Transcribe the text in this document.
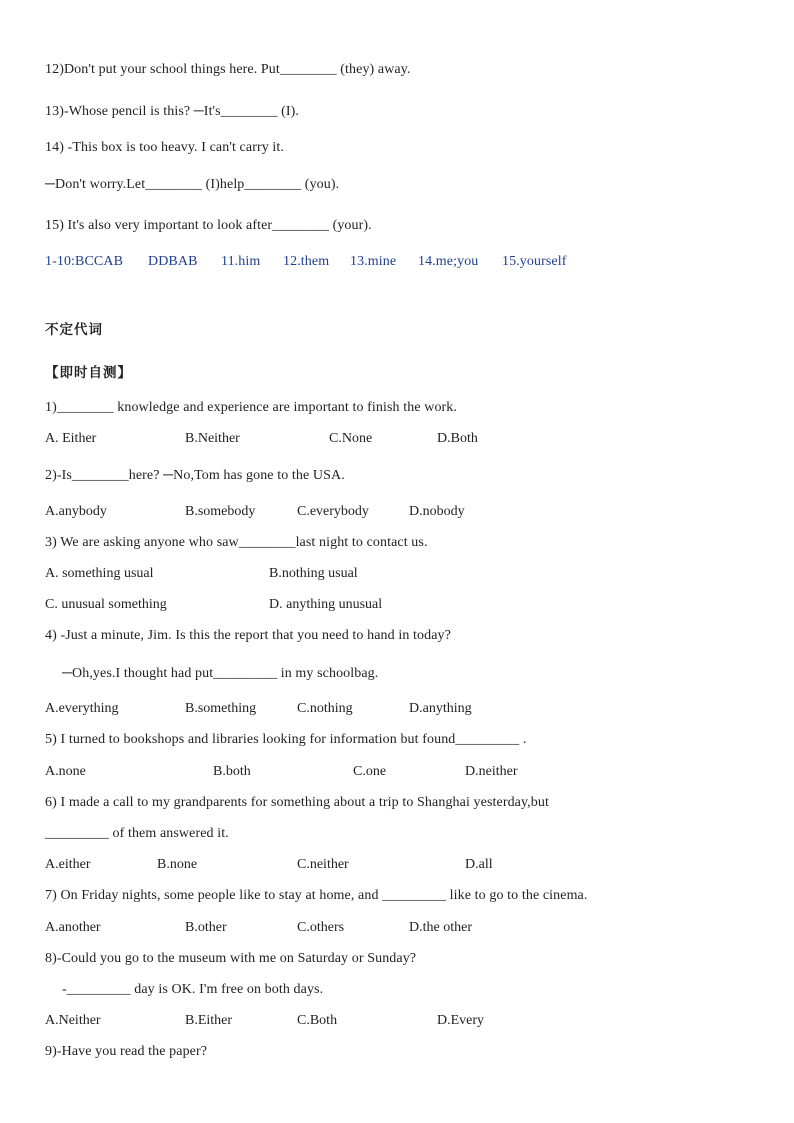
12)Don't put your school things here. Put________ (they) away.
13)-Whose pencil is this? ─It's________ (I).
14) -This box is too heavy. I can't carry it.
─Don't worry.Let________ (I)help________ (you).
15) It's also very important to look after________ (your).
1-10:BCCAB DDBAB 11.him 12.them 13.mine 14.me;you 15.yourself
不定代词
【即时自测】
1)________ knowledge and experience are important to finish the work.
A. Either	B.Neither	C.None	D.Both
2)-Is________here? ─No,Tom has gone to the USA.
A.anybody	B.somebody	C.everybody	D.nobody
3) We are asking anyone who saw________last night to contact us.
A. something usual	B.nothing usual
C. unusual something	D. anything unusual
4) -Just a minute, Jim. Is this the report that you need to hand in today?
─Oh,yes.I thought had put_________ in my schoolbag.
A.everything	B.something	C.nothing	D.anything
5) I turned to bookshops and libraries looking for information but found_________ .
A.none	B.both	C.one	D.neither
6) I made a call to my grandparents for something about a trip to Shanghai yesterday,but
_________ of them answered it.
A.either	B.none	C.neither	D.all
7) On Friday nights, some people like to stay at home, and _________ like to go to the cinema.
A.another	B.other	C.others	D.the other
8)-Could you go to the museum with me on Saturday or Sunday?
-_________ day is OK. I'm free on both days.
A.Neither	B.Either	C.Both	D.Every
9)-Have you read the paper?
